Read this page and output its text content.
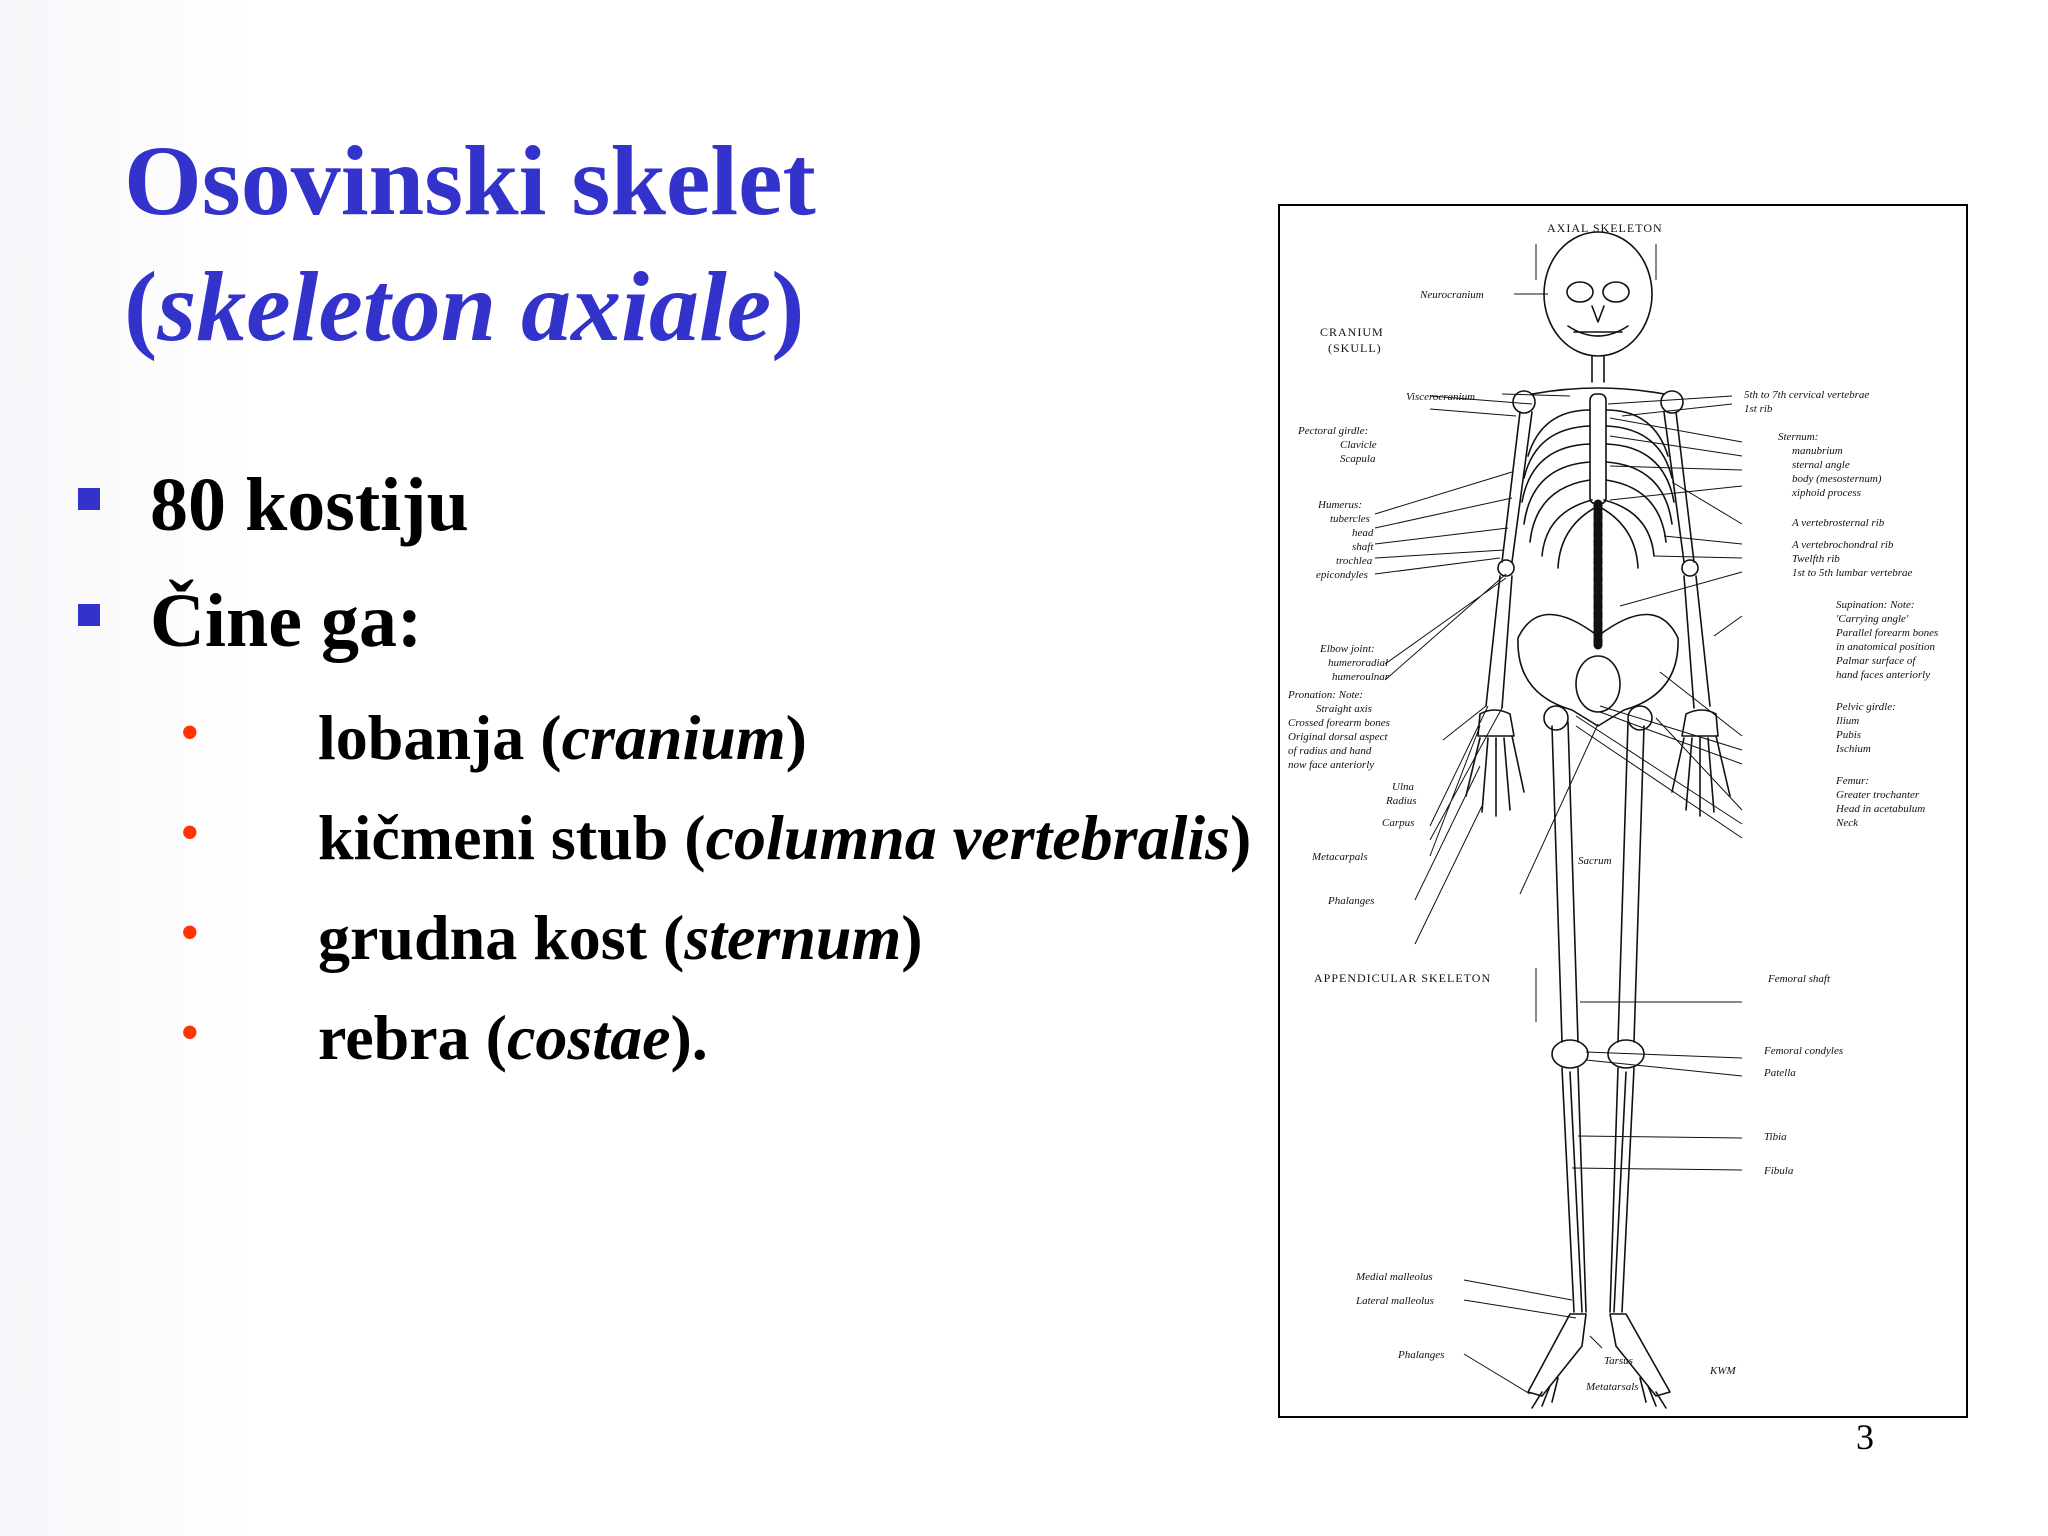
Osovinski skelet
(skeleton axiale)
80 kostiju
Čine ga:
• lobanja (cranium)
• kičmeni stub (columna vertebralis)
• grudna kost (sternum)
• rebra (costae).
AXIAL SKELETON
Neurocranium
CRANIUM
(SKULL)
Viscerocranium	5th to 7th cervical vertebrae
1st rib
Pectoral girdle:
Clavicle
Scapula
Sternum:
manubrium
sternal angle
body (mesosternum)
xiphoid process
Humerus:
tubercles
head
shaft
trochlea
epicondyles
A vertebrosternal rib
A vertebrochondral rib
Twelfth rib
1st to 5th lumbar vertebrae
Supination: Note:
'Carrying angle'
Parallel forearm bones
in anatomical position
Palmar surface of
hand faces anteriorly
Elbow joint:
humeroradial
humeroulnar
Pronation: Note:
Straight axis
Crossed forearm bones
Original dorsal aspect
of radius and hand
now face anteriorly
Pelvic girdle:
Ilium
Pubis
Ischium
Ulna
Radius
Carpus
Femur:
Greater trochanter
Head in acetabulum
Neck
Metacarpals	Sacrum
Phalanges
APPENDICULAR SKELETON	Femoral shaft
Femoral condyles
Patella
Tibia
Fibula
Medial malleolus
Lateral malleolus
Phalanges	Tarsus
Metatarsals
KWM
3
